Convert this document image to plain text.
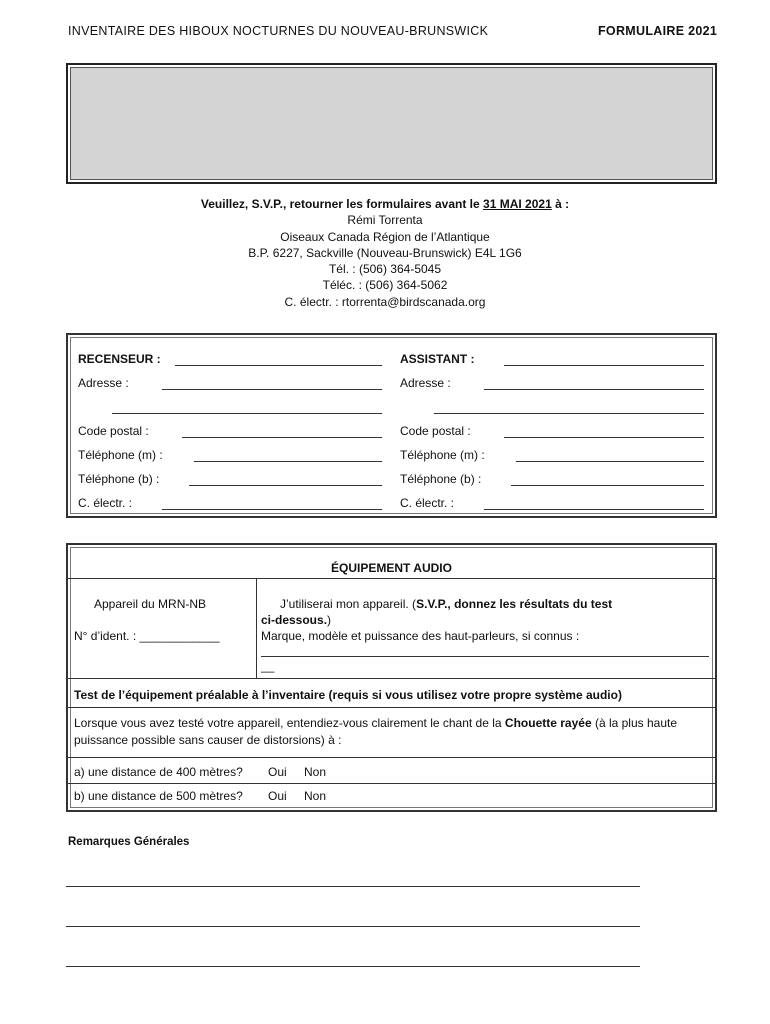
INVENTAIRE DES HIBOUX NOCTURNES DU NOUVEAU-BRUNSWICK	FORMULAIRE 2021
Veuillez, S.V.P., retourner les formulaires avant le 31 MAI 2021 à :
Rémi Torrenta
Oiseaux Canada Région de l’Atlantique
B.P. 6227, Sackville (Nouveau-Brunswick) E4L 1G6
Tél. : (506) 364-5045
Téléc. : (506) 364-5062
C. électr. : rtorrenta@birdscanada.org
RECENSEUR :
Adresse :
Code postal :
Téléphone (m) :
Téléphone (b) :
C. électr. :
ASSISTANT :
Adresse :
Code postal :
Téléphone (m) :
Téléphone (b) :
C. électr. :
ÉQUIPEMENT AUDIO
Appareil du MRN-NB
N° d’ident. : ____________
J’utiliserai mon appareil. (S.V.P., donnez les résultats du test
ci-dessous.)
Marque, modèle et puissance des haut-parleurs, si connus :
__
Test de l’équipement préalable à l’inventaire (requis si vous utilisez votre propre système audio)
Lorsque vous avez testé votre appareil, entendiez-vous clairement le chant de la Chouette rayée (à la plus haute puissance possible sans causer de distorsions) à :
a) une distance de 400 mètres? Oui Non
b) une distance de 500 mètres? Oui Non
Remarques Générales
